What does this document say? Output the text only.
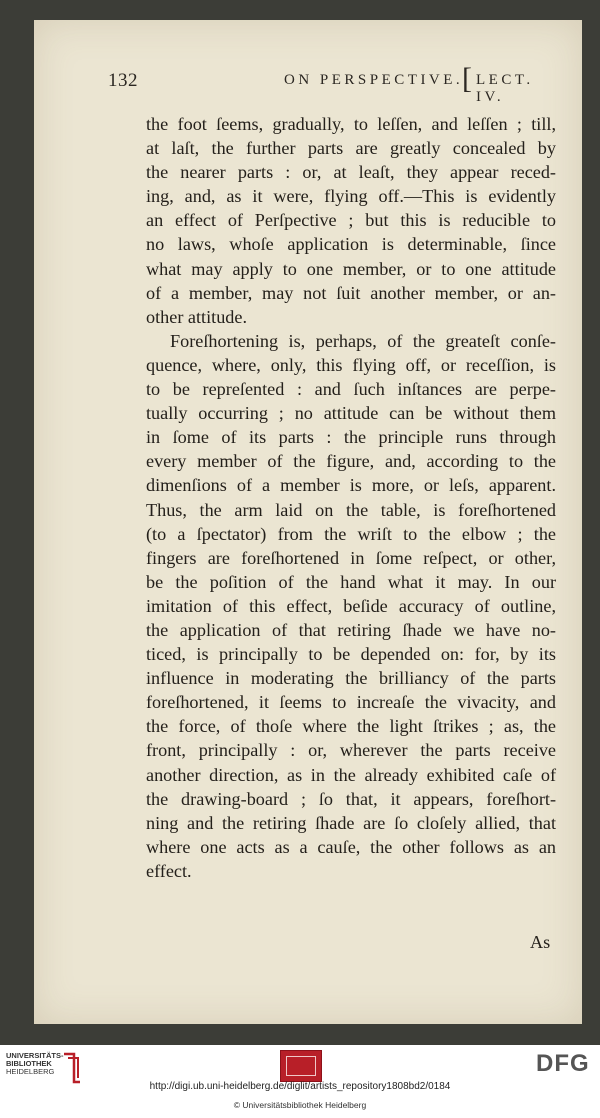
132	ON PERSPECTIVE.
[ LECT. IV.
the foot ſeems, gradually, to leſſen, and leſſen ; till,
at laſt, the further parts are greatly concealed by
the nearer parts : or, at leaſt, they appear reced-
ing, and, as it were, flying off.—This is evidently
an effect of Perſpective ; but this is reducible to
no laws, whoſe application is determinable, ſince
what may apply to one member, or to one attitude
of a member, may not ſuit another member, or an-
other attitude.
Foreſhortening is, perhaps, of the greateſt conſe-
quence, where, only, this flying off, or receſſion, is
to be repreſented : and ſuch inſtances are perpe-
tually occurring ; no attitude can be without them
in ſome of its parts : the principle runs through
every member of the figure, and, according to the
dimenſions of a member is more, or leſs, apparent.
Thus, the arm laid on the table, is foreſhortened
(to a ſpectator) from the wriſt to the elbow ; the
fingers are foreſhortened in ſome reſpect, or other,
be the poſition of the hand what it may. In our
imitation of this effect, beſide accuracy of outline,
the application of that retiring ſhade we have no-
ticed, is principally to be depended on: for, by its
influence in moderating the brilliancy of the parts
foreſhortened, it ſeems to increaſe the vivacity, and
the force, of thoſe where the light ſtrikes ; as, the
front, principally : or, wherever the parts receive
another direction, as in the already exhibited caſe of
the drawing-board ; ſo that, it appears, foreſhort-
ning and the retiring ſhade are ſo cloſely allied, that
where one acts as a cauſe, the other follows as an
effect.
As
UNIVERSITÄTS-
BIBLIOTHEK
HEIDELBERG	DFG
http://digi.ub.uni-heidelberg.de/diglit/artists_repository1808bd2/0184
© Universitätsbibliothek Heidelberg
